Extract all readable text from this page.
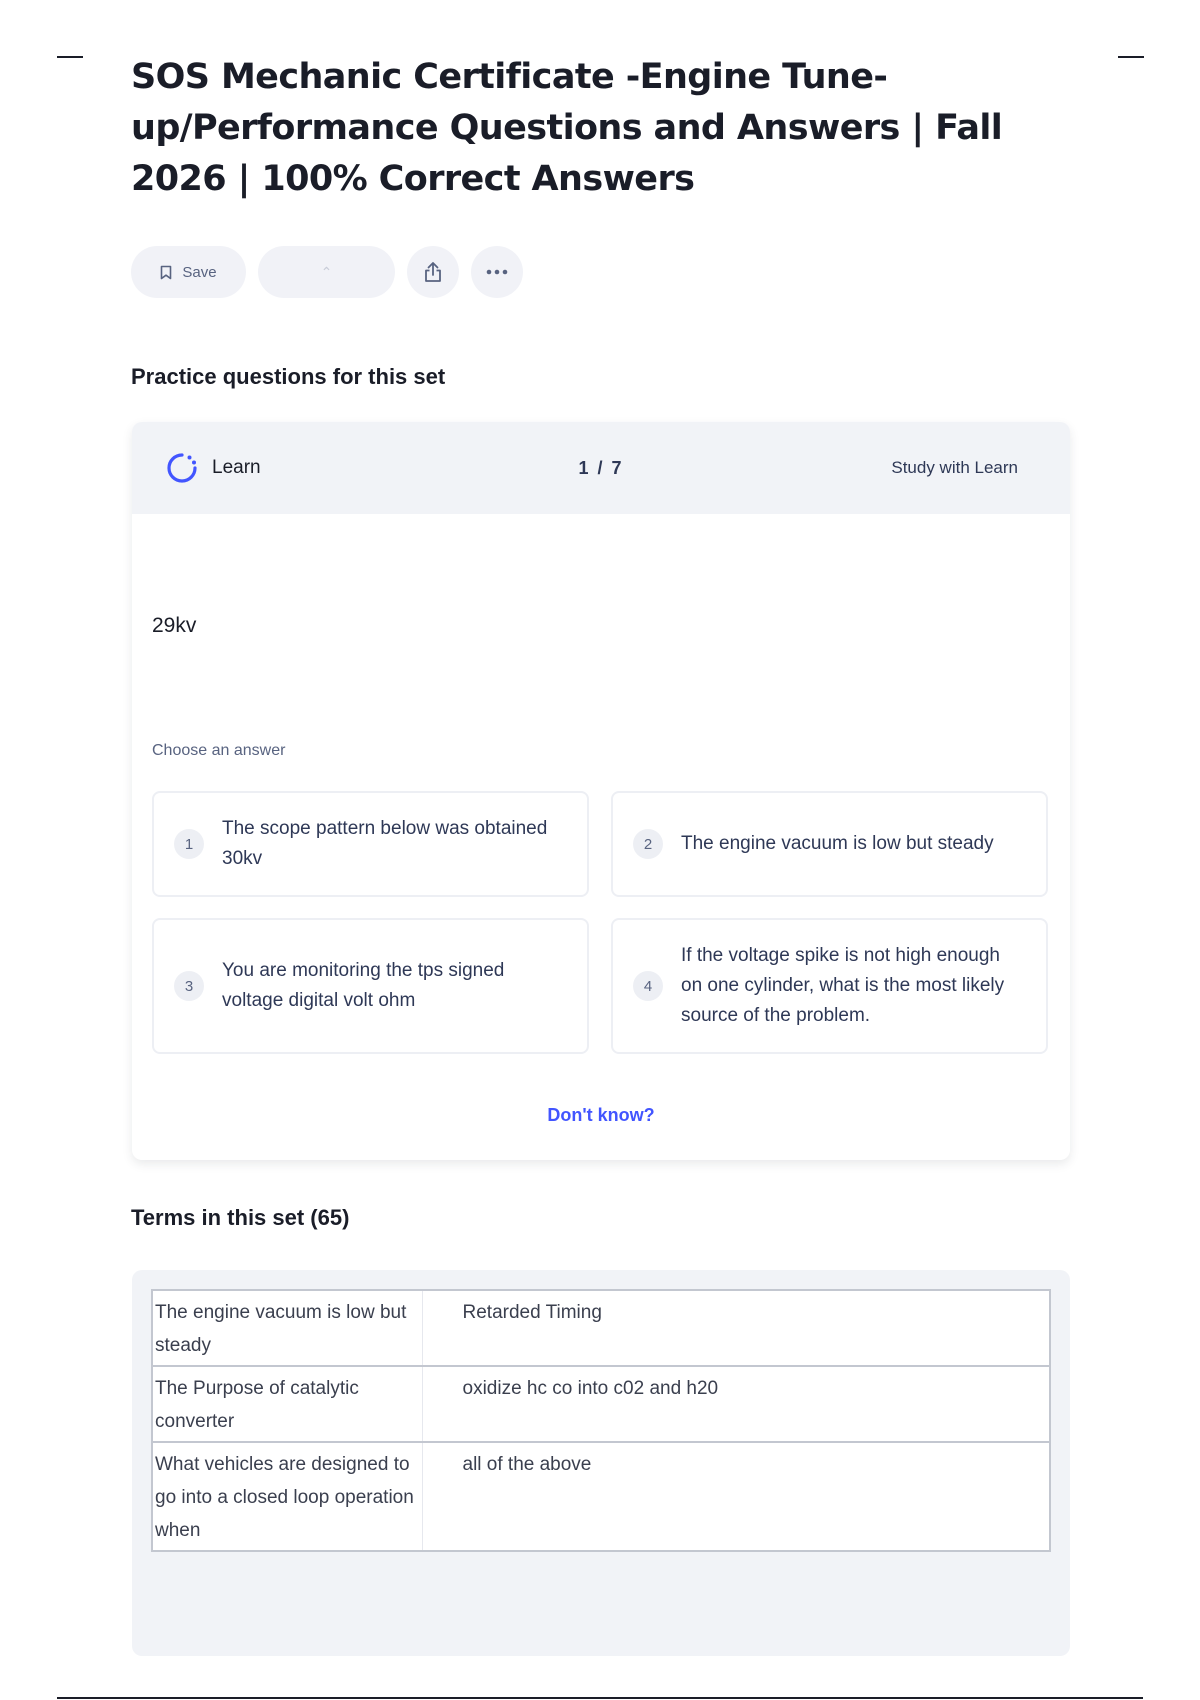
SOS Mechanic Certificate -Engine Tune-up/Performance Questions and Answers | Fall 2026 | 100% Correct Answers
Save	⌃
Practice questions for this set
Learn	1 / 7	Study with Learn
29kv
Choose an answer
1
The scope pattern below was obtained 30kv
2	The engine vacuum is low but steady
3
You are monitoring the tps signed voltage digital volt ohm
4
If the voltage spike is not high enough on one cylinder, what is the most likely source of the problem.
Don't know?
Terms in this set (65)
The engine vacuum is low but steady	Retarded Timing
The Purpose of catalytic converter	oxidize hc co into c02 and h20
What vehicles are designed to go into a closed loop operation when	all of the above
